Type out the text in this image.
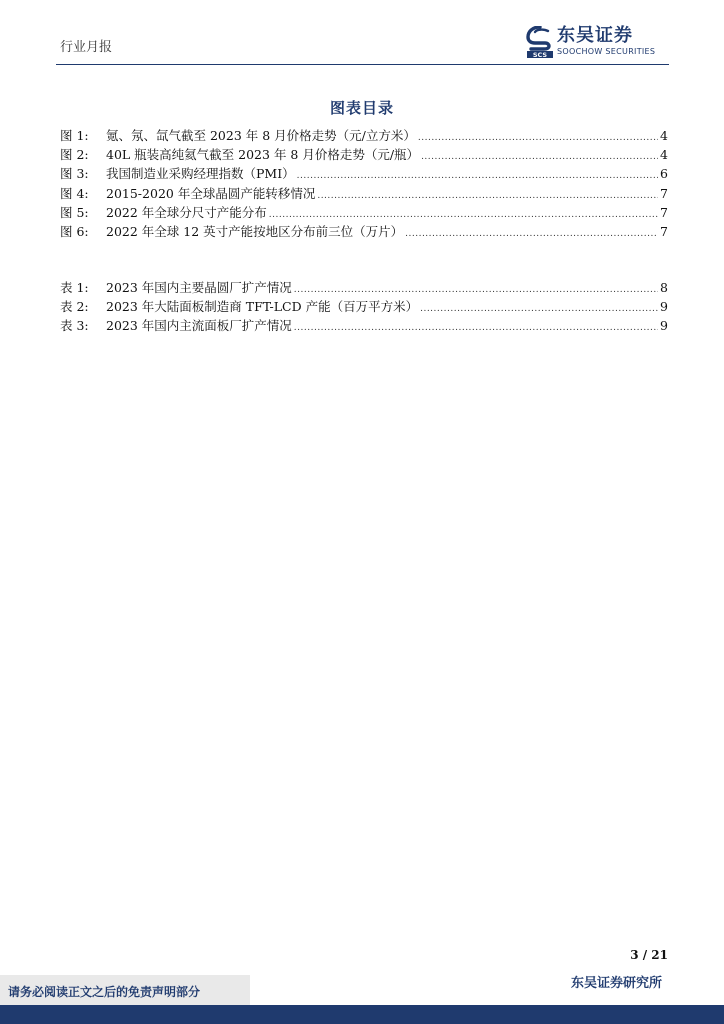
行业月报	SCS
东吴证券
SOOCHOW SECURITIES
图表目录
图 1:	氪、氖、氙气截至 2023 年 8 月价格走势（元/立方米） .....	4
图 2:	40L 瓶装高纯氦气截至 2023 年 8 月价格走势（元/瓶） .....	4
图 3:	我国制造业采购经理指数（PMI） .....	6
图 4:	2015-2020 年全球晶圆产能转移情况 .....	7
图 5:	2022 年全球分尺寸产能分布 .....	7
图 6:	2022 年全球 12 英寸产能按地区分布前三位（万片） .....	7
表 1:	2023 年国内主要晶圆厂扩产情况 .....	8
表 2:	2023 年大陆面板制造商 TFT-LCD 产能（百万平方米） .....	9
表 3:	2023 年国内主流面板厂扩产情况 .....	9
3 / 21
请务必阅读正文之后的免责声明部分
东吴证券研究所
